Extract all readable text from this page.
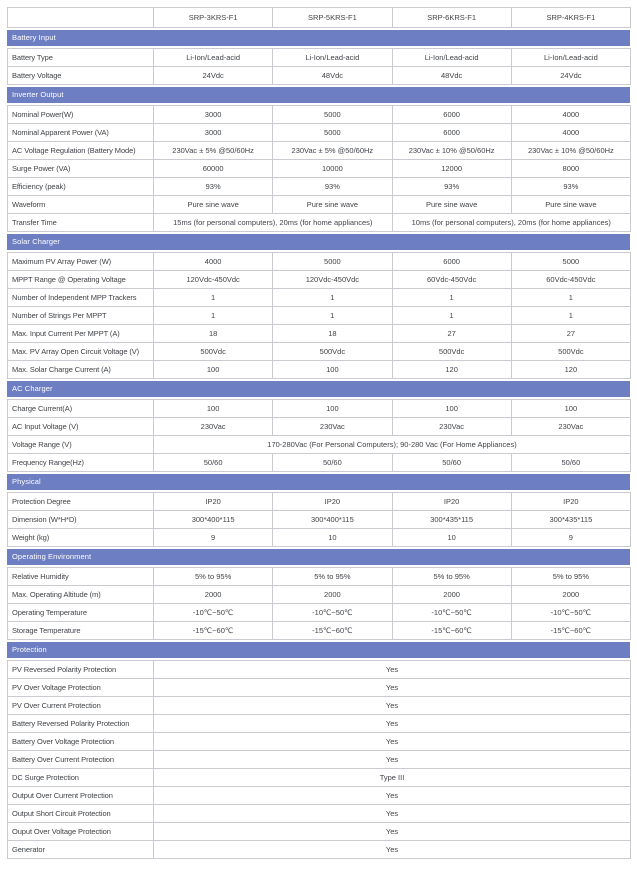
	SRP-3KRS-F1	SRP-5KRS-F1	SRP-6KRS-F1	SRP-4KRS-F1
Battery Input
Battery Type	Li-Ion/Lead-acid	Li-Ion/Lead-acid	Li-Ion/Lead-acid	Li-Ion/Lead-acid
Battery Voltage	24Vdc	48Vdc	48Vdc	24Vdc
Inverter Output
Nominal Power(W)	3000	5000	6000	4000
Nominal Apparent Power (VA)	3000	5000	6000	4000
AC Voltage Regulation (Battery Mode)	230Vac ± 5% @50/60Hz	230Vac ± 5% @50/60Hz	230Vac ± 10% @50/60Hz	230Vac ± 10% @50/60Hz
Surge Power (VA)	60000	10000	12000	8000
Efficiency (peak)	93%	93%	93%	93%
Waveform	Pure sine wave	Pure sine wave	Pure sine wave	Pure sine wave
Transfer Time	15ms (for personal computers), 20ms (for home appliances)		10ms (for personal computers), 20ms (for home appliances)	
Solar Charger
Maximum PV Array Power (W)	4000	5000	6000	5000
MPPT Range @ Operating Voltage	120Vdc-450Vdc	120Vdc-450Vdc	60Vdc-450Vdc	60Vdc-450Vdc
Number of Independent MPP Trackers	1	1	1	1
Number of Strings Per MPPT	1	1	1	1
Max. Input Current Per MPPT (A)	18	18	27	27
Max. PV Array Open Circuit Voltage (V)	500Vdc	500Vdc	500Vdc	500Vdc
Max. Solar Charge Current (A)	100	100	120	120
AC Charger
Charge Current(A)	100	100	100	100
AC Input Voltage (V)	230Vac	230Vac	230Vac	230Vac
Voltage Range (V)	170-280Vac (For Personal Computers); 90-280 Vac (For Home Appliances)			
Frequency Range(Hz)	50/60	50/60	50/60	50/60
Physical
Protection Degree	IP20	IP20	IP20	IP20
Dimension (W*H*D)	300*400*115	300*400*115	300*435*115	300*435*115
Weight (kg)	9	10	10	9
Operating Environment
Relative Humidity	5% to 95%	5% to 95%	5% to 95%	5% to 95%
Max. Operating Altitude (m)	2000	2000	2000	2000
Operating Temperature	-10℃~50℃	-10℃~50℃	-10℃~50℃	-10℃~50℃
Storage Temperature	-15℃~60℃	-15℃~60℃	-15℃~60℃	-15℃~60℃
Protection
PV Reversed Polarity Protection	Yes
PV Over Voltage Protection	Yes
PV Over Current Protection	Yes
Battery Reversed Polarity Protection	Yes
Battery Over Voltage Protection	Yes
Battery Over Current Protection	Yes
DC Surge Protection	Type III
Output Over Current Protection	Yes
Output Short Circuit Protection	Yes
Ouput Over Voltage Protection	Yes
Generator	Yes
